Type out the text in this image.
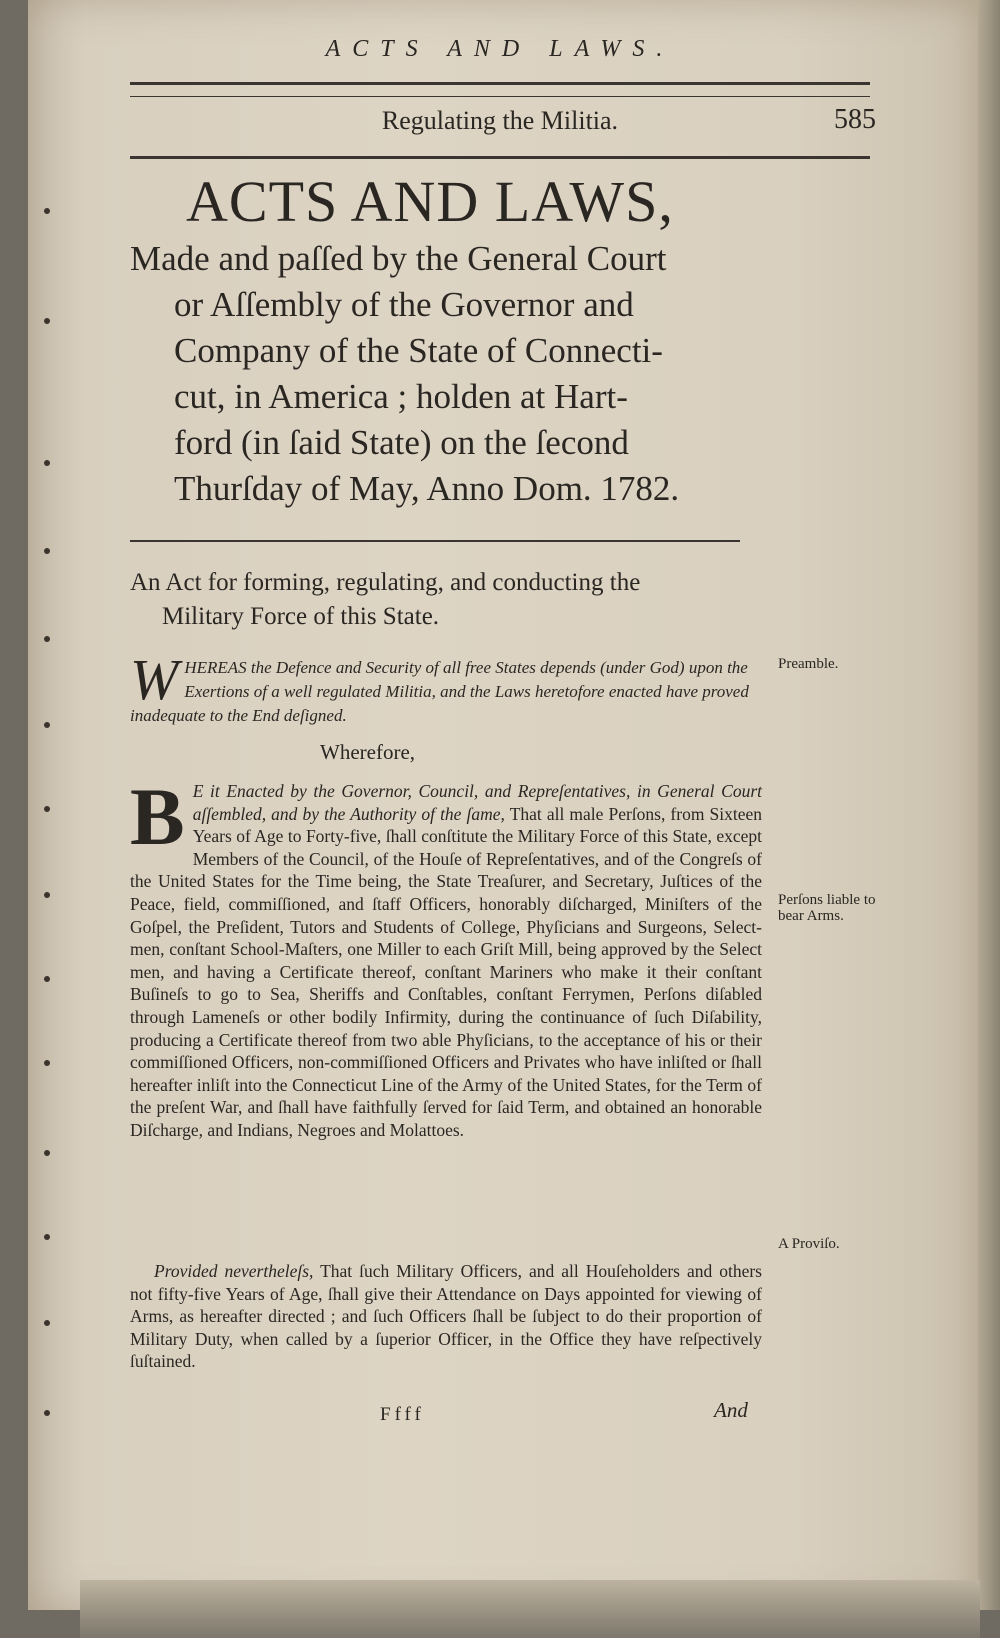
ACTS AND LAWS.
Regulating the Militia.	585
ACTS AND LAWS,
Made and paſſed by the General Court
or Aſſembly of the Governor and
Company of the State of Connecti-
cut, in America ; holden at Hart-
ford (in ſaid State) on the ſecond
Thurſday of May, Anno Dom. 1782.
An Act for forming, regulating, and conducting the
Military Force of this State.
W HEREAS the Defence and Security of all free States depends (under God) upon the Exertions of a well regulated Militia, and the Laws heretofore enacted have proved inadequate to the End deſigned.
Wherefore,
B E it Enacted by the Governor, Council, and Repreſentatives, in General Court aſſembled, and by the Authority of the ſame, That all male Perſons, from Sixteen Years of Age to Forty-five, ſhall conſtitute the Military Force of this State, except Members of the Council, of the Houſe of Repreſentatives, and of the Congreſs of the United States for the Time being, the State Treaſurer, and Secretary, Juſtices of the Peace, field, commiſſioned, and ſtaff Officers, honorably diſcharged, Miniſters of the Goſpel, the Preſident, Tutors and Students of College, Phyſicians and Surgeons, Select-men, conſtant School-Maſters, one Miller to each Griſt Mill, being approved by the Select men, and having a Certificate thereof, conſtant Mariners who make it their conſtant Buſineſs to go to Sea, Sheriffs and Conſtables, conſtant Ferrymen, Perſons diſabled through Lameneſs or other bodily Infirmity, during the continuance of ſuch Diſability, producing a Certificate thereof from two able Phyſicians, to the acceptance of his or their commiſſioned Officers, non-commiſſioned Officers and Privates who have inliſted or ſhall hereafter inliſt into the Connecticut Line of the Army of the United States, for the Term of the preſent War, and ſhall have faithfully ſerved for ſaid Term, and obtained an honorable Diſcharge, and Indians, Negroes and Molattoes.
Provided nevertheleſs, That ſuch Military Officers, and all Houſeholders and others not fifty-five Years of Age, ſhall give their Attendance on Days appointed for viewing of Arms, as hereafter directed ; and ſuch Officers ſhall be ſubject to do their proportion of Military Duty, when called by a ſuperior Officer, in the Office they have reſpectively ſuſtained.
Ffff	And
Preamble.
Perſons liable to bear Arms.
A Proviſo.
